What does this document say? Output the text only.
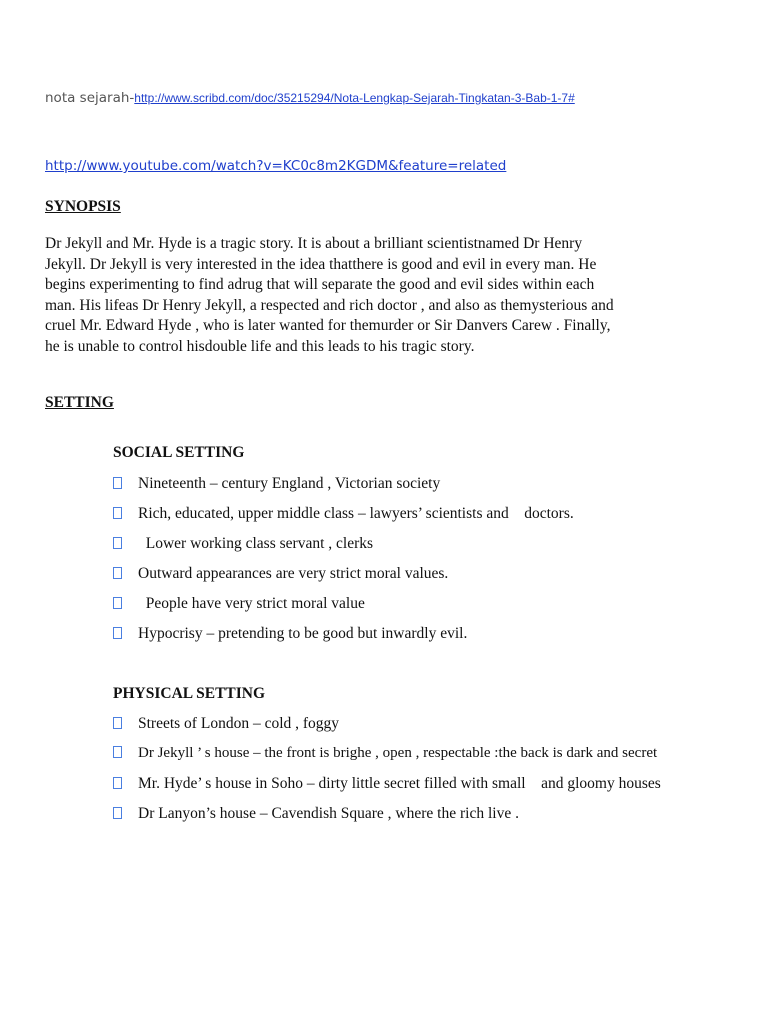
nota sejarah-http://www.scribd.com/doc/35215294/Nota-Lengkap-Sejarah-Tingkatan-3-Bab-1-7#
http://www.youtube.com/watch?v=KC0c8m2KGDM&feature=related
SYNOPSIS
Dr Jekyll and Mr. Hyde is a tragic story. It is about a brilliant scientistnamed Dr Henry
Jekyll. Dr Jekyll is very interested in the idea thatthere is good and evil in every man. He
begins experimenting to find adrug that will separate the good and evil sides within each
man. His lifeas Dr Henry Jekyll, a respected and rich doctor , and also as themysterious and
cruel Mr. Edward Hyde , who is later wanted for themurder or Sir Danvers Carew . Finally,
he is unable to control hisdouble life and this leads to his tragic story.
SETTING
SOCIAL SETTING
Nineteenth – century England , Victorian society
Rich, educated, upper middle class – lawyers’ scientists and    doctors.
Lower working class servant , clerks
Outward appearances are very strict moral values.
People have very strict moral value
Hypocrisy – pretending to be good but inwardly evil.
PHYSICAL SETTING
Streets of London – cold , foggy
Dr Jekyll ’ s house – the front is brighe , open , respectable :the back is dark and secret
Mr. Hyde’ s house in Soho – dirty little secret filled with small    and gloomy houses
Dr Lanyon’s house – Cavendish Square , where the rich live .
